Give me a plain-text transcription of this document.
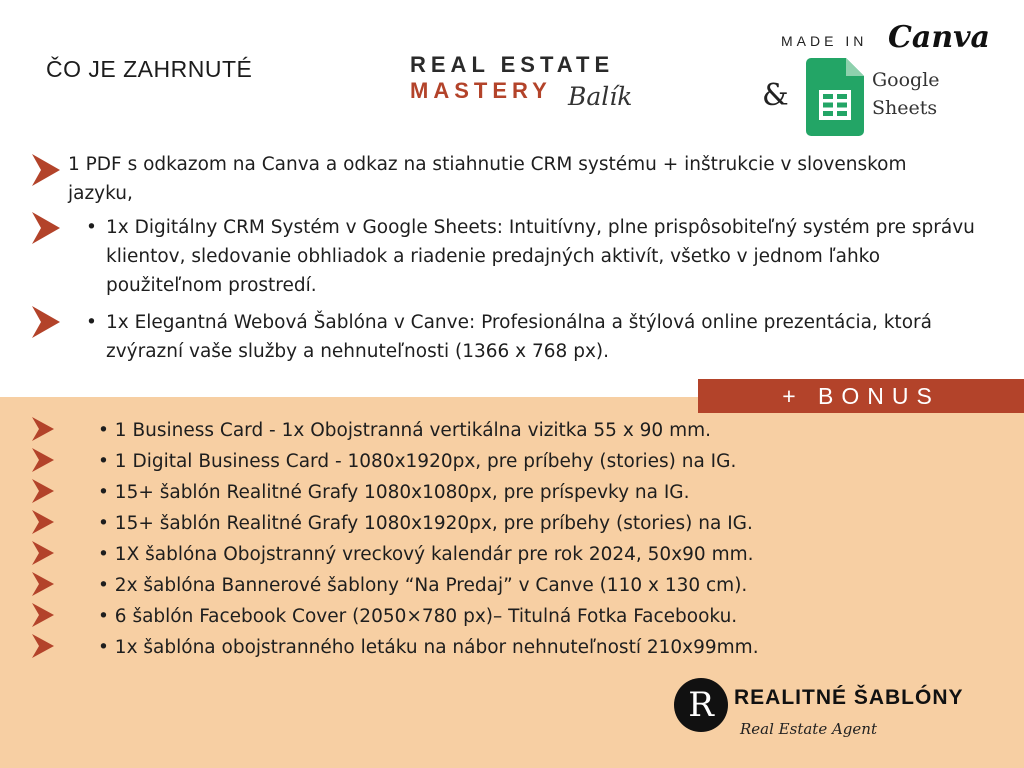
ČO JE ZAHRNUTÉ	REAL ESTATE
MASTERY Balík
MADE IN Canva
&	Google
Sheets

1 PDF s odkazom na Canva a odkaz na stiahnutie CRM systému + inštrukcie v slovenskom jazyku,

• 1x Digitálny CRM Systém v Google Sheets: Intuitívny, plne prispôsobiteľný systém pre správu klientov, sledovanie obhliadok a riadenie predajných aktivít, všetko v jednom ľahko použiteľnom prostredí.

• 1x Elegantná Webová Šablóna v Canve: Profesionálna a štýlová online prezentácia, ktorá zvýrazní vaše služby a nehnuteľnosti (1366 x 768 px).

+ BONUS
• 1 Business Card - 1x Obojstranná vertikálna vizitka 55 x 90 mm.
• 1 Digital Business Card - 1080x1920px, pre príbehy (stories) na IG.
• 15+ šablón Realitné Grafy 1080x1080px, pre príspevky na IG.
• 15+ šablón Realitné Grafy 1080x1920px, pre príbehy (stories) na IG.
• 1X šablóna Obojstranný vreckový kalendár pre rok 2024, 50x90 mm.
• 2x šablóna Bannerové šablony “Na Predaj” v Canve (110 x 130 cm).
• 6 šablón Facebook Cover (2050×780 px)– Titulná Fotka Facebooku.
• 1x šablóna obojstranného letáku na nábor nehnuteľností 210x99mm.
R REALITNÉ ŠABLÓNY
Real Estate Agent
